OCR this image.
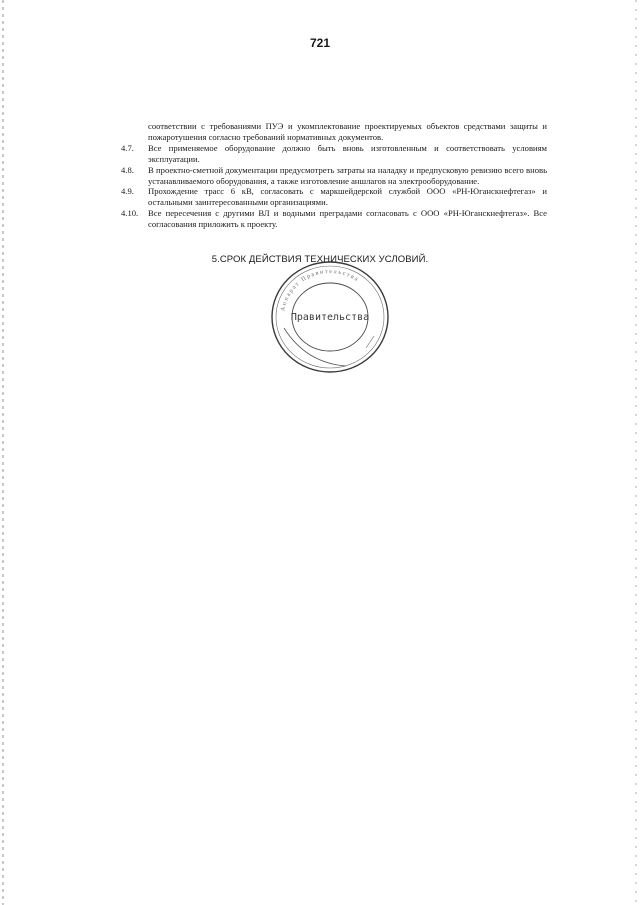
721
соответствии с требованиями ПУЭ и укомплектование проектируемых объектов средствами защиты и пожаротушения согласно требований нормативных документов.
4.7.	Все применяемое оборудование должно быть вновь изготовленным и соответствовать условиям эксплуатации.
4.8.	В проектно-сметной документации предусмотреть затраты на наладку и предпусковую ревизию всего вновь устанавливаемого оборудования, а также изготовление аншлагов на электрооборудование.
4.9.	Прохождение трасс 6 кВ, согласовать с маркшейдерской службой ООО «РН-Юганскнефтегаз» и остальными заинтересованными организациями.
4.10.	Все пересечения с другими ВЛ и водными преградами согласовать с ООО «РН-Юганскнефтегаз». Все согласования приложить к проекту.
5.СРОК ДЕЙСТВИЯ ТЕХНИЧЕСКИХ УСЛОВИЙ.
Аппарат Правительства
Правительства
